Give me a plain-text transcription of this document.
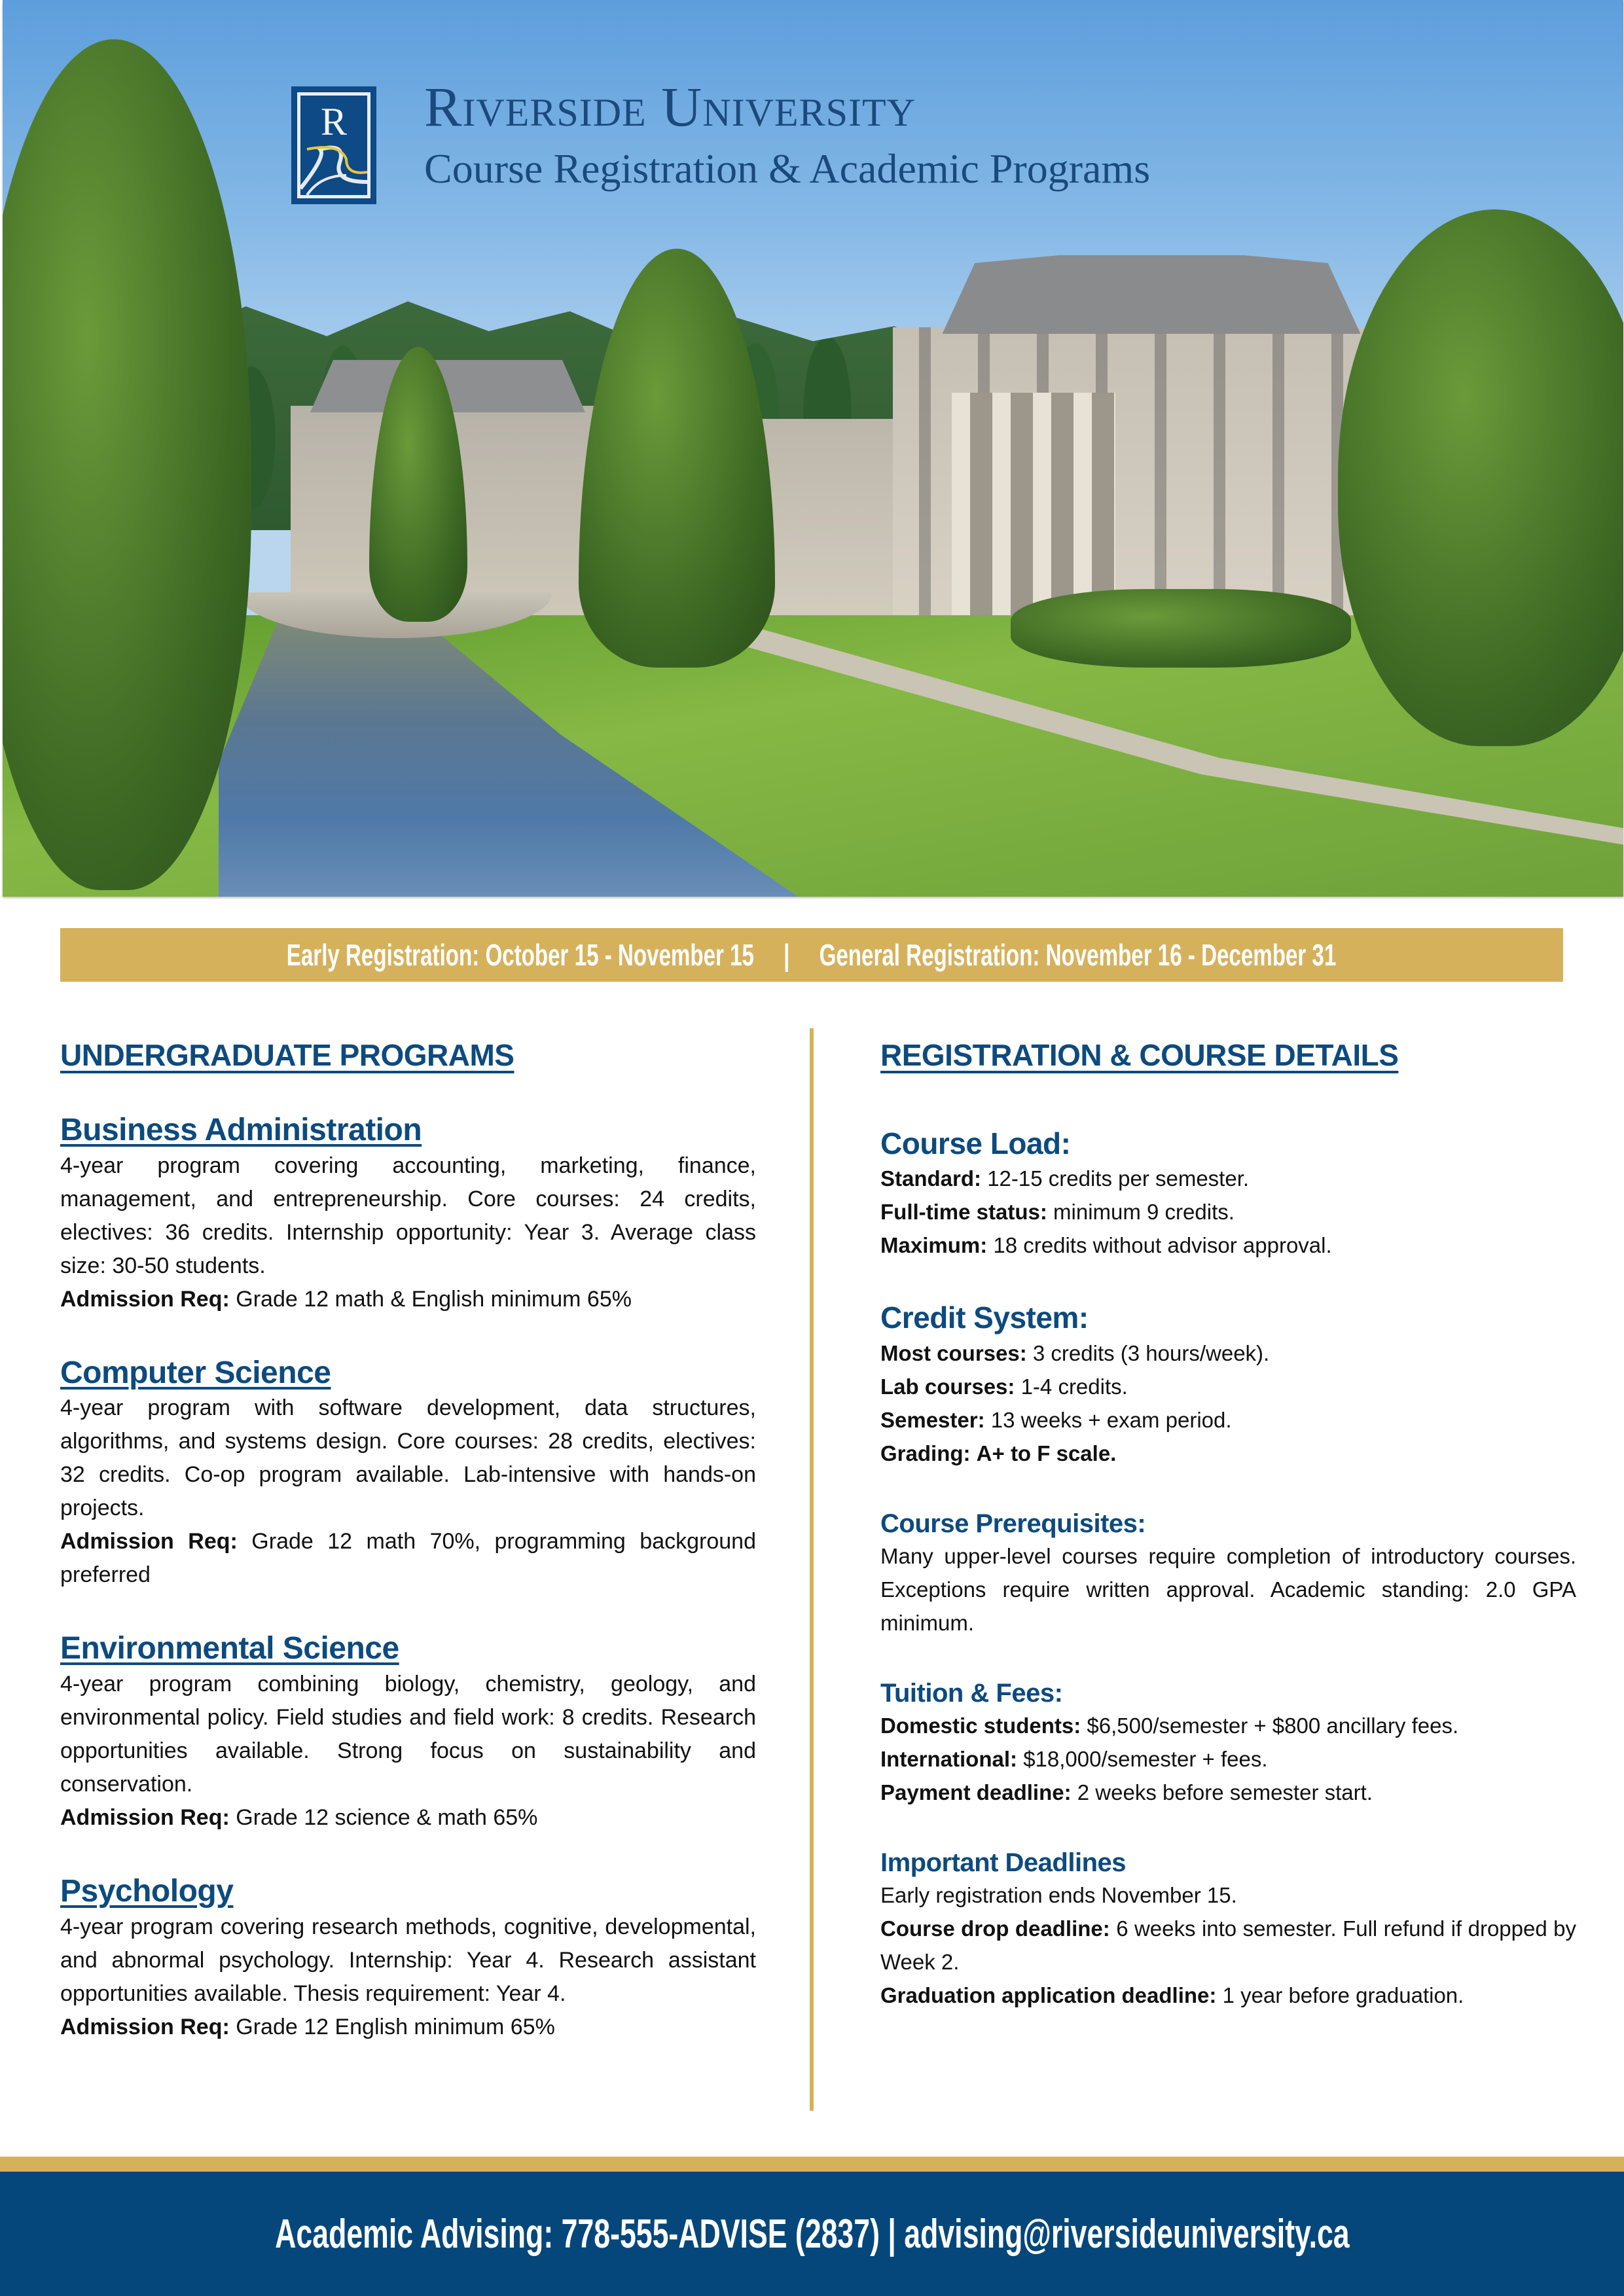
R	Riverside University
Course Registration & Academic Programs
Early Registration: October 15 - November 15 | General Registration: November 16 - December 31
UNDERGRADUATE PROGRAMS
Business Administration

4-year program covering accounting, marketing, finance, management, and entrepreneurship. Core courses: 24 credits, electives: 36 credits. Internship opportunity: Year 3. Average class size: 30-50 students.

Admission Req: Grade 12 math & English minimum 65%

Computer Science

4-year program with software development, data structures, algorithms, and systems design. Core courses: 28 credits, electives: 32 credits. Co-op program available. Lab-intensive with hands-on projects.

Admission Req: Grade 12 math 70%, programming background preferred

Environmental Science

4-year program combining biology, chemistry, geology, and environmental policy. Field studies and field work: 8 credits. Research opportunities available. Strong focus on sustainability and conservation.

Admission Req: Grade 12 science & math 65%

Psychology

4-year program covering research methods, cognitive, developmental, and abnormal psychology. Internship: Year 4. Research assistant opportunities available. Thesis requirement: Year 4.

Admission Req: Grade 12 English minimum 65%

REGISTRATION & COURSE DETAILS
Course Load:

Standard: 12-15 credits per semester.

Full-time status: minimum 9 credits.

Maximum: 18 credits without advisor approval.

Credit System:

Most courses: 3 credits (3 hours/week).

Lab courses: 1-4 credits.

Semester: 13 weeks + exam period.

Grading: A+ to F scale.

Course Prerequisites:

Many upper-level courses require completion of introductory courses. Exceptions require written approval. Academic standing: 2.0 GPA minimum.

Tuition & Fees:

Domestic students: $6,500/semester + $800 ancillary fees.

International: $18,000/semester + fees.

Payment deadline: 2 weeks before semester start.

Important Deadlines

Early registration ends November 15.

Course drop deadline: 6 weeks into semester. Full refund if dropped by Week 2.

Graduation application deadline: 1 year before graduation.

Academic Advising: 778-555-ADVISE (2837) | advising@riversideuniversity.ca
